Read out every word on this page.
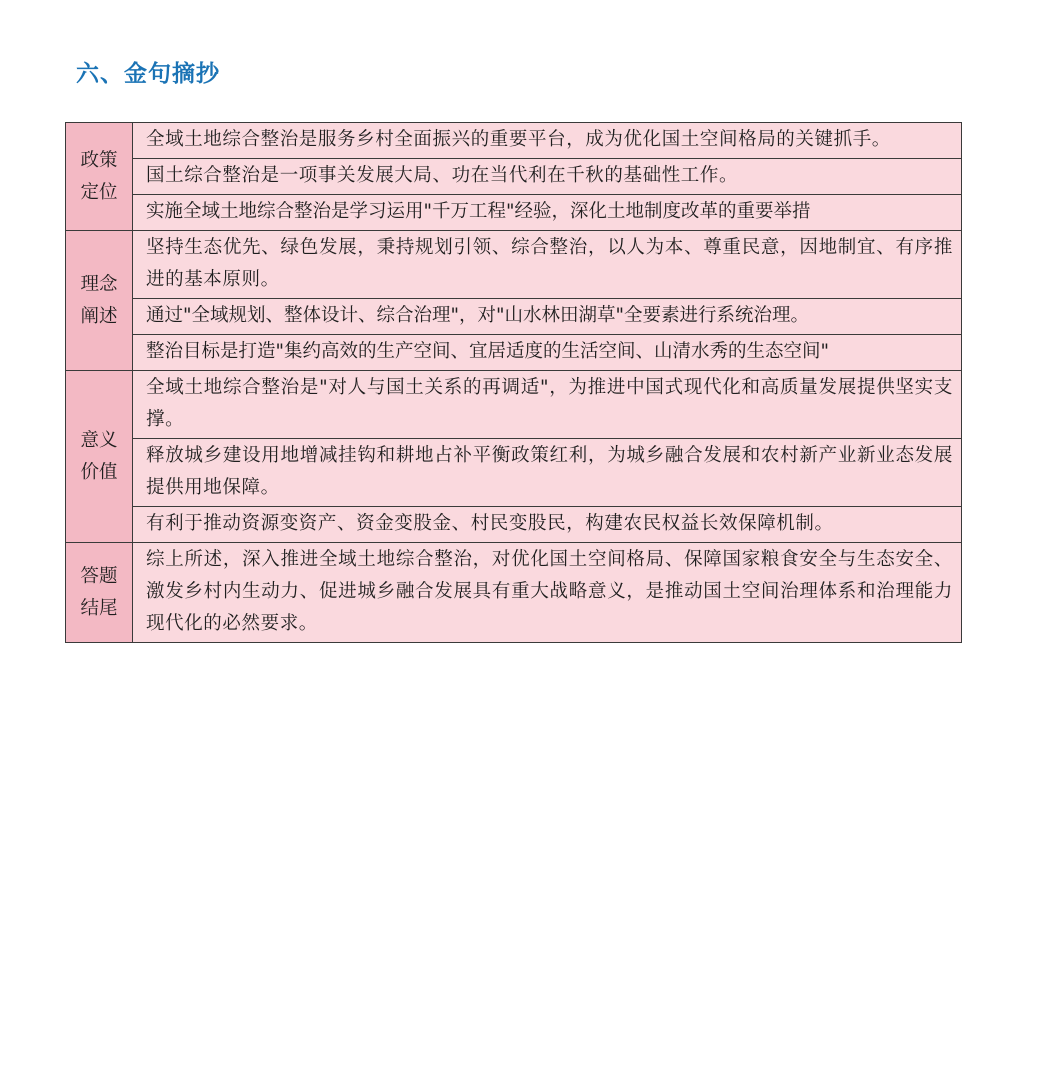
六、金句摘抄
政策定位	全域土地综合整治是服务乡村全面振兴的重要平台，成为优化国土空间格局的关键抓手。
	国土综合整治是一项事关发展大局、功在当代利在千秋的基础性工作。
	实施全域土地综合整治是学习运用"千万工程"经验，深化土地制度改革的重要举措
理念阐述	坚持生态优先、绿色发展，秉持规划引领、综合整治，以人为本、尊重民意，因地制宜、有序推进的基本原则。
	通过"全域规划、整体设计、综合治理"，对"山水林田湖草"全要素进行系统治理。
	整治目标是打造"集约高效的生产空间、宜居适度的生活空间、山清水秀的生态空间"
意义价值	全域土地综合整治是"对人与国土关系的再调适"，为推进中国式现代化和高质量发展提供坚实支撑。
	释放城乡建设用地增减挂钩和耕地占补平衡政策红利，为城乡融合发展和农村新产业新业态发展提供用地保障。
	有利于推动资源变资产、资金变股金、村民变股民，构建农民权益长效保障机制。
答题结尾	综上所述，深入推进全域土地综合整治，对优化国土空间格局、保障国家粮食安全与生态安全、激发乡村内生动力、促进城乡融合发展具有重大战略意义，是推动国土空间治理体系和治理能力现代化的必然要求。
